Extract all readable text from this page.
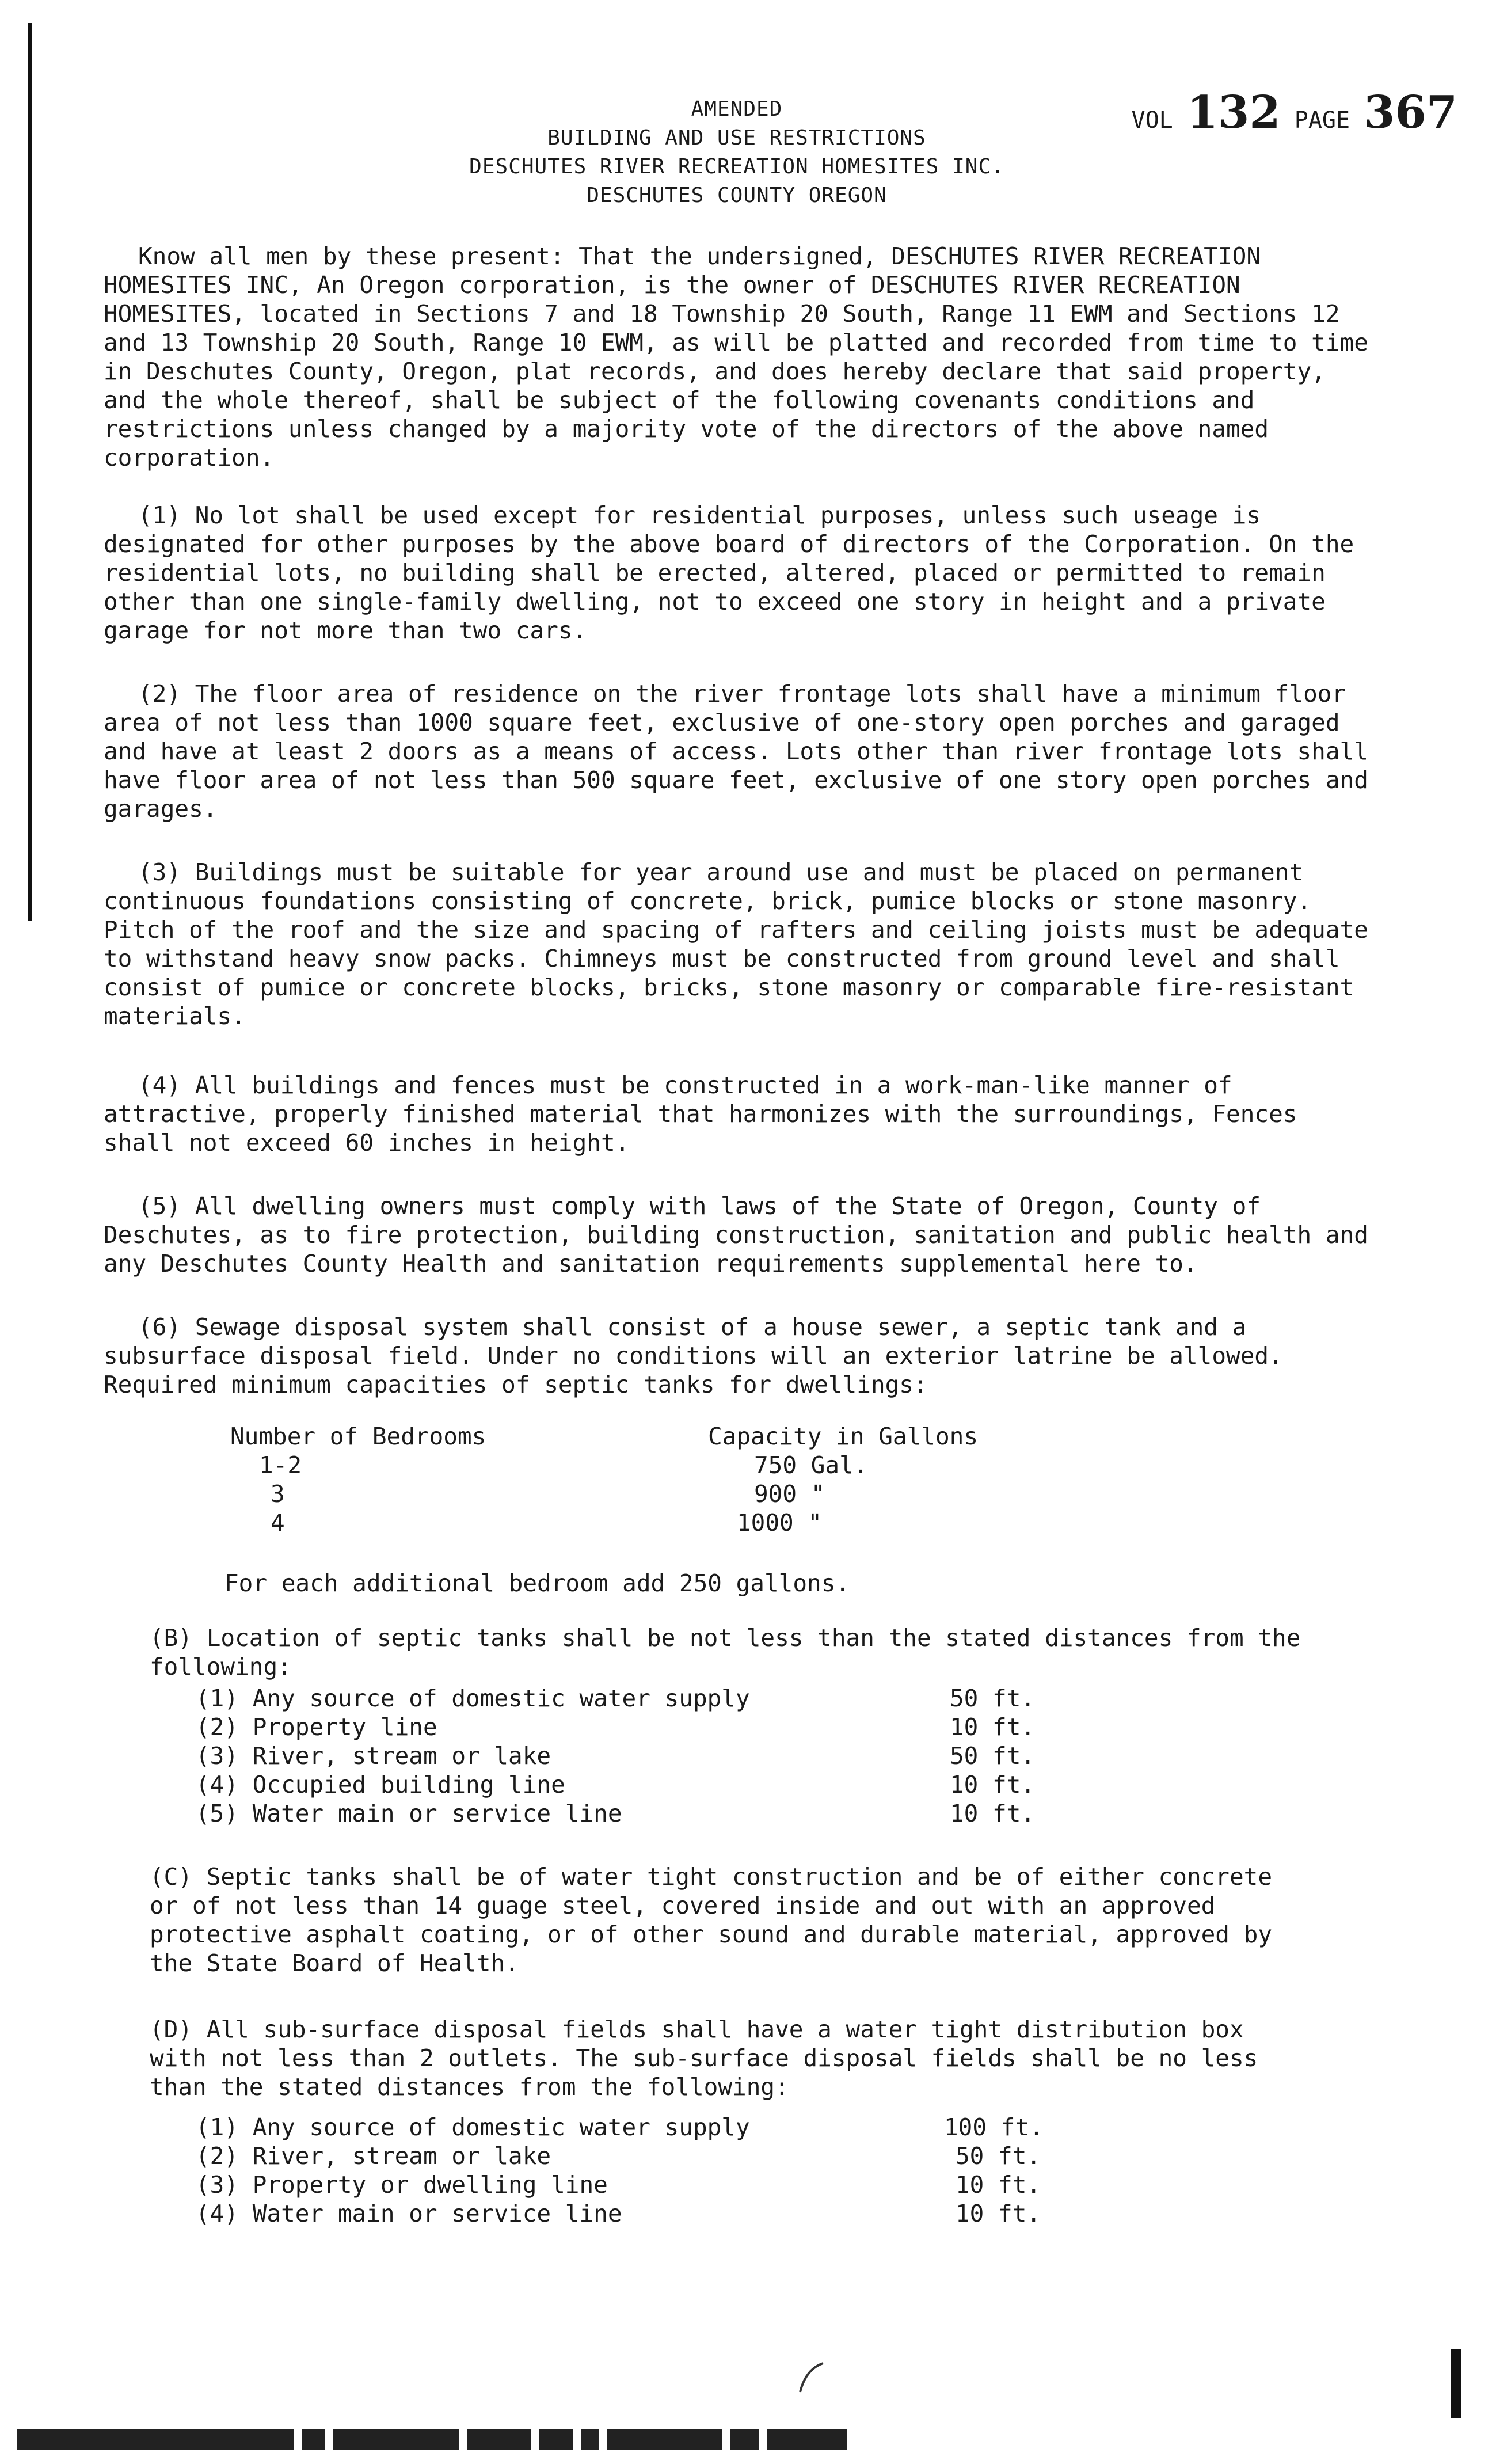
AMENDED
BUILDING AND USE RESTRICTIONS
DESCHUTES RIVER RECREATION HOMESITES INC.
DESCHUTES COUNTY OREGON
VOL 132 PAGE 367

Know all men by these present: That the undersigned, DESCHUTES RIVER RECREATION HOMESITES INC, An Oregon corporation, is the owner of DESCHUTES RIVER RECREATION HOMESITES, located in Sections 7 and 18 Township 20 South, Range 11 EWM and Sections 12 and 13 Township 20 South, Range 10 EWM, as will be platted and recorded from time to time in Deschutes County, Oregon, plat records, and does hereby declare that said property, and the whole thereof, shall be subject of the following covenants conditions and restrictions unless changed by a majority vote of the directors of the above named corporation.

(1) No lot shall be used except for residential purposes, unless such useage is designated for other purposes by the above board of directors of the Corporation. On the residential lots, no building shall be erected, altered, placed or permitted to remain other than one single-family dwelling, not to exceed one story in height and a private garage for not more than two cars.

(2) The floor area of residence on the river frontage lots shall have a minimum floor area of not less than 1000 square feet, exclusive of one-story open porches and garaged and have at least 2 doors as a means of access. Lots other than river frontage lots shall have floor area of not less than 500 square feet, exclusive of one story open porches and garages.

(3) Buildings must be suitable for year around use and must be placed on permanent continuous foundations consisting of concrete, brick, pumice blocks or stone masonry. Pitch of the roof and the size and spacing of rafters and ceiling joists must be adequate to withstand heavy snow packs. Chimneys must be constructed from ground level and shall consist of pumice or concrete blocks, bricks, stone masonry or comparable fire-resistant materials.

(4) All buildings and fences must be constructed in a work-man-like manner of attractive, properly finished material that harmonizes with the surroundings, Fences shall not exceed 60 inches in height.

(5) All dwelling owners must comply with laws of the State of Oregon, County of Deschutes, as to fire protection, building construction, sanitation and public health and any Deschutes County Health and sanitation requirements supplemental here to.

(6) Sewage disposal system shall consist of a house sewer, a septic tank and a subsurface disposal field. Under no conditions will an exterior latrine be allowed. Required minimum capacities of septic tanks for dwellings:

Number of Bedrooms	Capacity in Gallons
1-2	750 Gal.
3	900 "
4	1000 "

For each additional bedroom add 250 gallons.

(B) Location of septic tanks shall be not less than the stated distances from the following:

(1) Any source of domestic water supply	50 ft.
(2) Property line	10 ft.
(3) River, stream or lake	50 ft.
(4) Occupied building line	10 ft.
(5) Water main or service line	10 ft.

(C) Septic tanks shall be of water tight construction and be of either concrete or of not less than 14 guage steel, covered inside and out with an approved protective asphalt coating, or of other sound and durable material, approved by the State Board of Health.

(D) All sub-surface disposal fields shall have a water tight distribution box with not less than 2 outlets. The sub-surface disposal fields shall be no less than the stated distances from the following:

(1) Any source of domestic water supply	100 ft.
(2) River, stream or lake	50 ft.
(3) Property or dwelling line	10 ft.
(4) Water main or service line	10 ft.
